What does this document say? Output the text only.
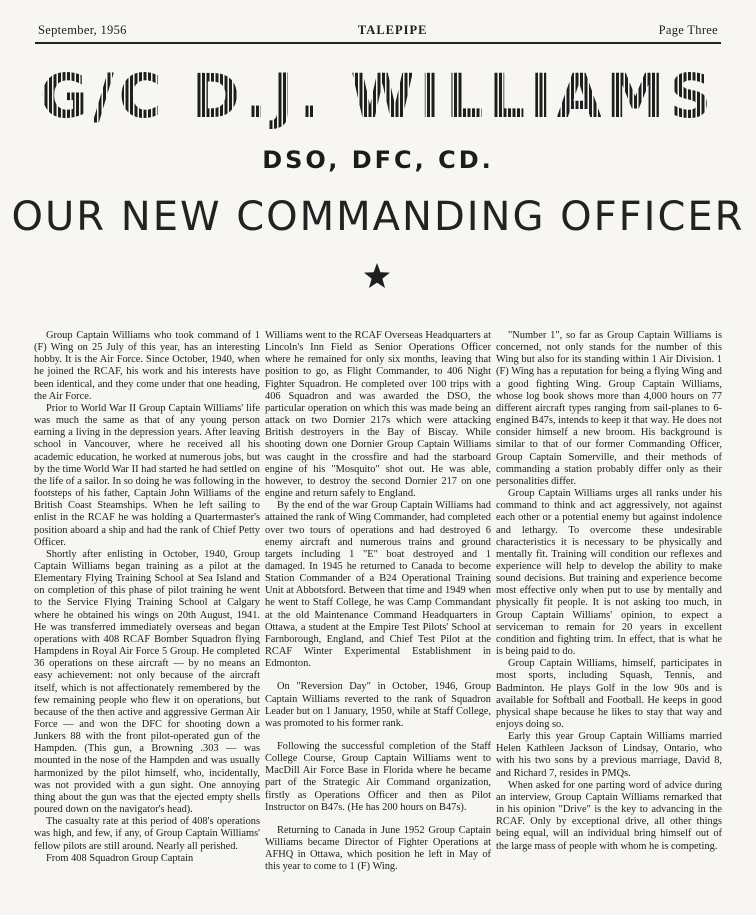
September, 1956	TALEPIPE	Page Three
G/C D.J. WILLIAMS
DSO, DFC, CD.
OUR NEW COMMANDING OFFICER

Group Captain Williams who took command of 1 (F) Wing on 25 July of this year, has an interesting hobby. It is the Air Force. Since October, 1940, when he joined the RCAF, his work and his interests have been identical, and they come under that one heading, the Air Force.

Prior to World War II Group Captain Williams' life was much the same as that of any young person earning a living in the depression years. After leaving school in Vancouver, where he received all his academic education, he worked at numerous jobs, but by the time World War II had started he had settled on the life of a sailor. In so doing he was following in the footsteps of his father, Captain John Williams of the British Coast Steamships. When he left sailing to enlist in the RCAF he was holding a Quartermaster's position aboard a ship and had the rank of Chief Petty Officer.

Shortly after enlisting in October, 1940, Group Captain Williams began training as a pilot at the Elementary Flying Training School at Sea Island and on completion of this phase of pilot training he went to the Service Flying Training School at Calgary where he obtained his wings on 20th August, 1941. He was transferred immediately overseas and began operations with 408 RCAF Bomber Squadron flying Hampdens in Royal Air Force 5 Group. He completed 36 operations on these aircraft — by no means an easy achievement: not only because of the aircraft itself, which is not affectionately remembered by the few remaining people who flew it on operations, but because of the then active and aggressive German Air Force — and won the DFC for shooting down a Junkers 88 with the front pilot-operated gun of the Hampden. (This gun, a Browning .303 — was mounted in the nose of the Hampden and was usually harmonized by the pilot himself, who, incidentally, was not provided with a gun sight. One annoying thing about the gun was that the ejected empty shells poured down on the navigator's head).

The casualty rate at this period of 408's operations was high, and few, if any, of Group Captain Williams' fellow pilots are still around. Nearly all perished.

From 408 Squadron Group Captain

Williams went to the RCAF Overseas Headquarters at Lincoln's Inn Field as Senior Operations Officer where he remained for only six months, leaving that position to go, as Flight Commander, to 406 Night Fighter Squadron. He completed over 100 trips with 406 Squadron and was awarded the DSO, the particular operation on which this was made being an attack on two Dornier 217s which were attacking British destroyers in the Bay of Biscay. While shooting down one Dornier Group Captain Williams was caught in the crossfire and had the starboard engine of his "Mosquito" shot out. He was able, however, to destroy the second Dornier 217 on one engine and return safely to England.

By the end of the war Group Captain Williams had attained the rank of Wing Commander, had completed over two tours of operations and had destroyed 6 enemy aircraft and numerous trains and ground targets including 1 "E" boat destroyed and 1 damaged. In 1945 he returned to Canada to become Station Commander of a B24 Operational Training Unit at Abbotsford. Between that time and 1949 when he went to Staff College, he was Camp Commandant at the old Maintenance Command Headquarters in Ottawa, a student at the Empire Test Pilots' School at Farnborough, England, and Chief Test Pilot at the RCAF Winter Experimental Establishment in Edmonton.

On "Reversion Day" in October, 1946, Group Captain Williams reverted to the rank of Squadron Leader but on 1 January, 1950, while at Staff College, was promoted to his former rank.

Following the successful completion of the Staff College Course, Group Captain Williams went to MacDill Air Force Base in Florida where he became part of the Strategic Air Command organization, firstly as Operations Officer and then as Pilot Instructor on B47s. (He has 200 hours on B47s).

Returning to Canada in June 1952 Group Captain Williams became Director of Fighter Operations at AFHQ in Ottawa, which position he left in May of this year to come to 1 (F) Wing.

"Number 1", so far as Group Captain Williams is concerned, not only stands for the number of this Wing but also for its standing within 1 Air Division. 1 (F) Wing has a reputation for being a flying Wing and a good fighting Wing. Group Captain Williams, whose log book shows more than 4,000 hours on 77 different aircraft types ranging from sail-planes to 6-engined B47s, intends to keep it that way. He does not consider himself a new broom. His background is similar to that of our former Commanding Officer, Group Captain Somerville, and their methods of commanding a station probably differ only as their personalities differ.

Group Captain Williams urges all ranks under his command to think and act aggressively, not against each other or a potential enemy but against indolence and lethargy. To overcome these undesirable characteristics it is necessary to be physically and mentally fit. Training will condition our reflexes and experience will help to develop the ability to make sound decisions. But training and experience become most effective only when put to use by mentally and physically fit people. It is not asking too much, in Group Captain Williams' opinion, to expect a serviceman to remain for 20 years in excellent condition and fighting trim. In effect, that is what he is being paid to do.

Group Captain Williams, himself, participates in most sports, including Squash, Tennis, and Badminton. He plays Golf in the low 90s and is available for Softball and Football. He keeps in good physical shape because he likes to stay that way and enjoys doing so.

Early this year Group Captain Williams married Helen Kathleen Jackson of Lindsay, Ontario, who with his two sons by a previous marriage, David 8, and Richard 7, resides in PMQs.

When asked for one parting word of advice during an interview, Group Captain Williams remarked that in his opinion "Drive" is the key to advancing in the RCAF. Only by exceptional drive, all other things being equal, will an individual bring himself out of the large mass of people with whom he is competing.
